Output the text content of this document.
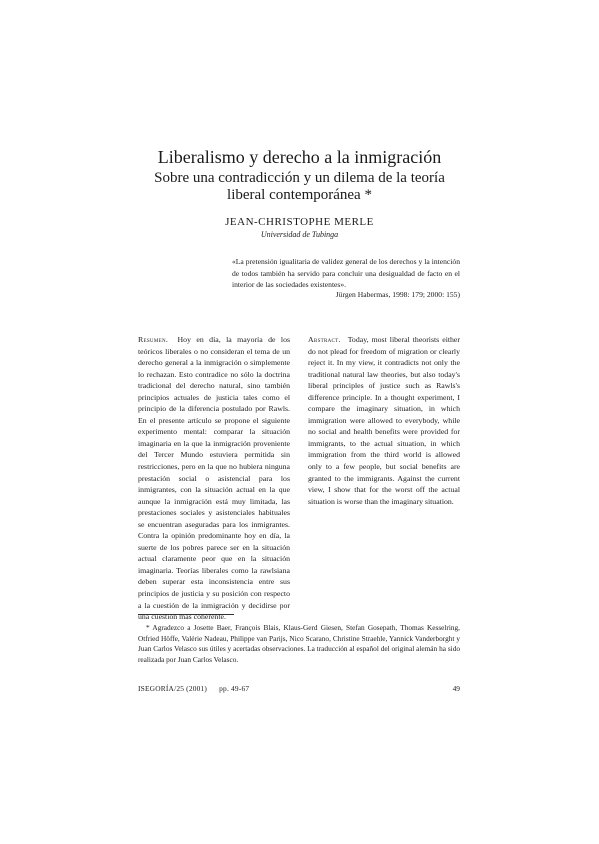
Liberalismo y derecho a la inmigración
Sobre una contradicción y un dilema de la teoría
liberal contemporánea *
JEAN-CHRISTOPHE MERLE
Universidad de Tubinga
«La pretensión igualitaria de validez general de los derechos y la intención de todos también ha servido para concluir una desigualdad de facto en el interior de las sociedades existentes».
Jürgen Habermas, 1998: 179; 2000: 155)
Resumen. Hoy en día, la mayoría de los teóricos liberales o no consideran el tema de un derecho general a la inmigración o simplemente lo rechazan. Esto contradice no sólo la doctrina tradicional del derecho natural, sino también principios actuales de justicia tales como el principio de la diferencia postulado por Rawls. En el presente artículo se propone el siguiente experimento mental: comparar la situación imaginaria en la que la inmigración proveniente del Tercer Mundo estuviera permitida sin restricciones, pero en la que no hubiera ninguna prestación social o asistencial para los inmigrantes, con la situación actual en la que aunque la inmigración está muy limitada, las prestaciones sociales y asistenciales habituales se encuentran aseguradas para los inmigrantes. Contra la opinión predominante hoy en día, la suerte de los pobres parece ser en la situación actual claramente peor que en la situación imaginaria. Teorías liberales como la rawlsiana deben superar esta inconsistencia entre sus principios de justicia y su posición con respecto a la cuestión de la inmigración y decidirse por una cuestión más coherente.
Abstract. Today, most liberal theorists either do not plead for freedom of migration or clearly reject it. In my view, it contradicts not only the traditional natural law theories, but also today's liberal principles of justice such as Rawls's difference principle. In a thought experiment, I compare the imaginary situation, in which immigration were allowed to everybody, while no social and health benefits were provided for immigrants, to the actual situation, in which immigration from the third world is allowed only to a few people, but social benefits are granted to the immigrants. Against the current view, I show that for the worst off the actual situation is worse than the imaginary situation.
* Agradezco a Josette Baer, François Blais, Klaus-Gerd Giesen, Stefan Gosepath, Thomas Kesselring, Otfried Höffe, Valérie Nadeau, Philippe van Parijs, Nico Scarano, Christine Straehle, Yannick Vanderborght y Juan Carlos Velasco sus útiles y acertadas observaciones. La traducción al español del original alemán ha sido realizada por Juan Carlos Velasco.
ISEGORÍA/25 (2001) pp. 49-67	49
